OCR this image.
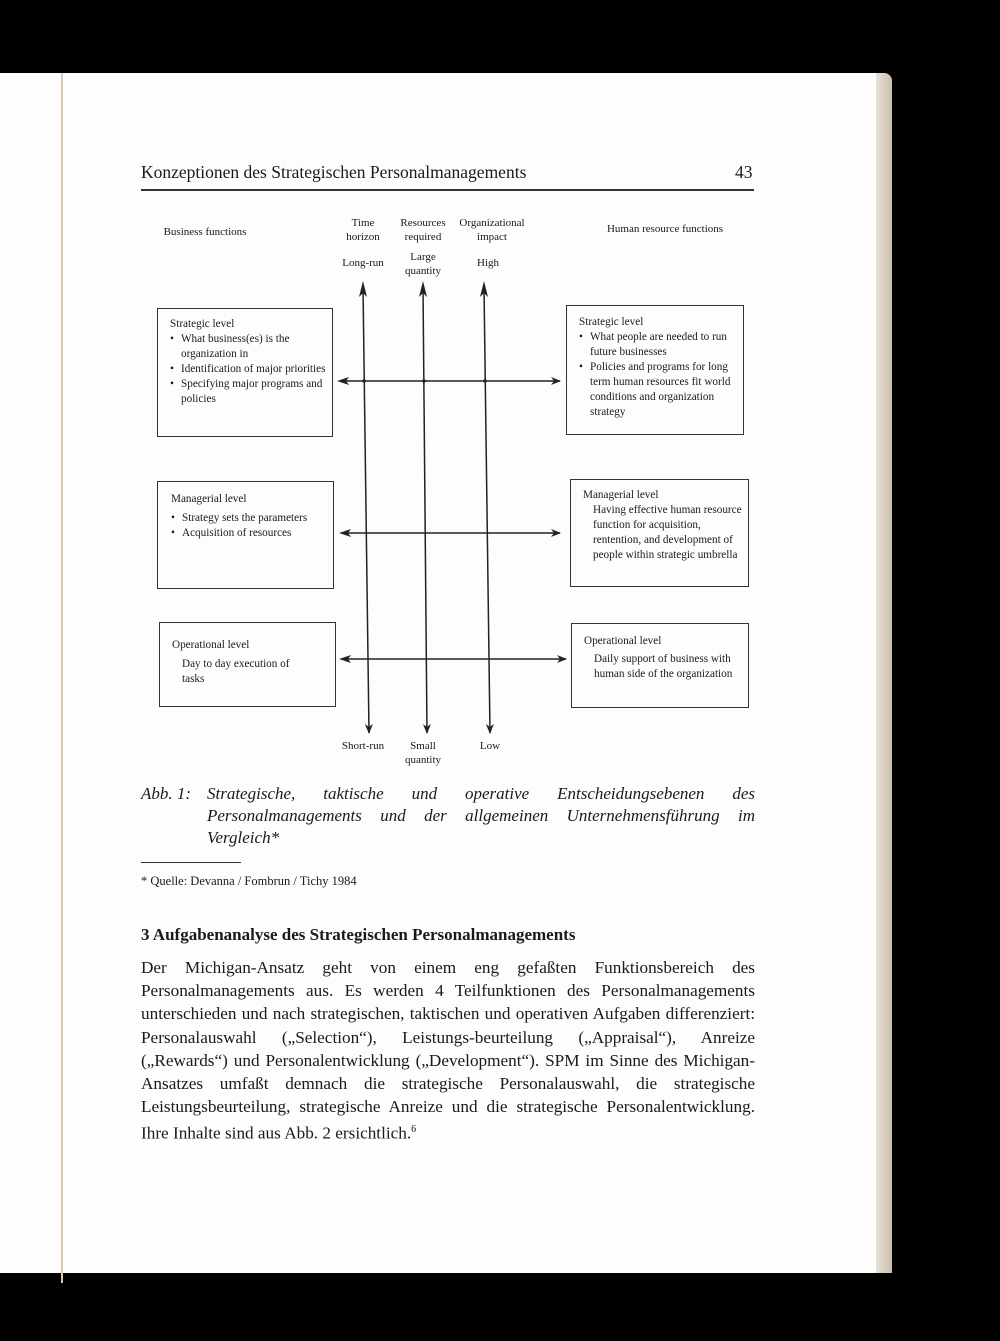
Konzeptionen des Strategischen Personalmanagements	43
Business functions	Human resource functions
Time
horizon
Long-run
Resources
required
Large
quantity
Organizational
impact
High
Short-run	Small
quantity
Low
Strategic level
• What business(es) is the organization in
• Identification of major priorities
• Specifying major programs and policies
Managerial level
• Strategy sets the parameters
• Acquisition of resources
Operational level
Day to day execution of tasks
Strategic level
• What people are needed to run future businesses
• Policies and programs for long term human resources fit world conditions and organization strategy
Managerial level
Having effective human resource function for acquisition, rentention, and development of people within strategic umbrella
Operational level
Daily support of business with human side of the organization
Abb. 1: Strategische, taktische und operative Entscheidungsebenen des Personalmanagements und der allgemeinen Unternehmensführung im Vergleich*
* Quelle: Devanna / Fombrun / Tichy 1984
3 Aufgabenanalyse des Strategischen Personalmanagements

Der Michigan-Ansatz geht von einem eng gefaßten Funktionsbereich des Personalmanagements aus. Es werden 4 Teilfunktionen des Personalmanagements unterschieden und nach strategischen, taktischen und operativen Aufgaben differenziert: Personalauswahl („Selection“), Leistungs-beurteilung („Appraisal“), Anreize („Rewards“) und Personalentwicklung („Development“). SPM im Sinne des Michigan-Ansatzes umfaßt demnach die strategische Personalauswahl, die strategische Leistungsbeurteilung, strategische Anreize und die strategische Personalentwicklung. Ihre Inhalte sind aus Abb. 2 ersichtlich.$^6$
